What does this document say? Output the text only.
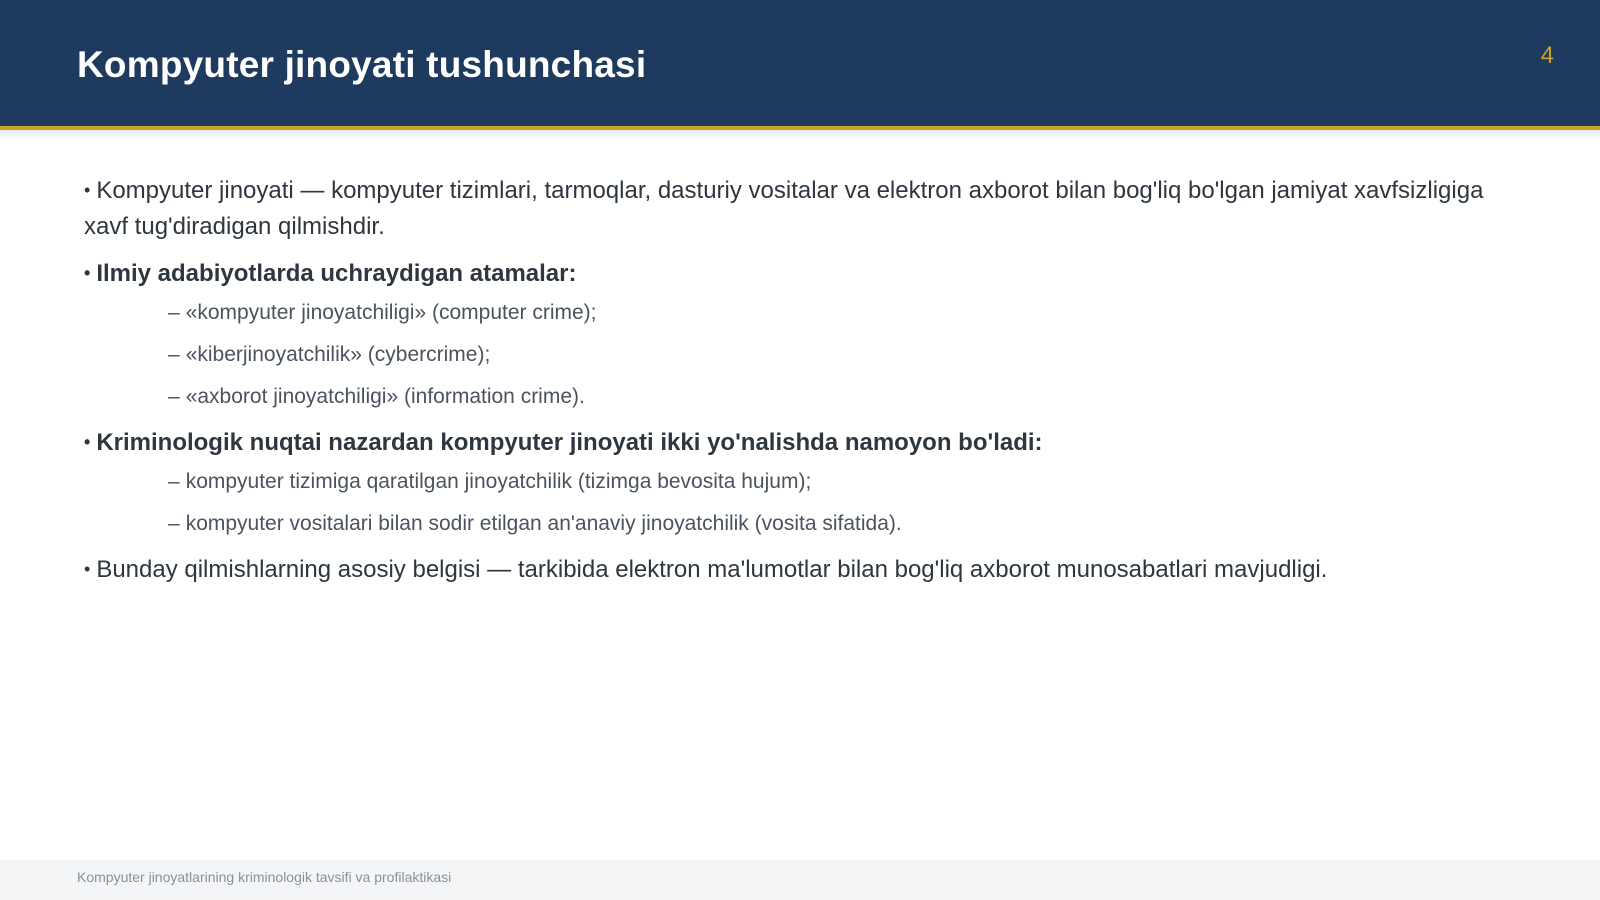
Kompyuter jinoyati tushunchasi	4
• Kompyuter jinoyati — kompyuter tizimlari, tarmoqlar, dasturiy vositalar va elektron axborot bilan bog'liq bo'lgan jamiyat xavfsizligiga xavf tug'diradigan qilmishdir.
• Ilmiy adabiyotlarda uchraydigan atamalar:
– «kompyuter jinoyatchiligi» (computer crime);
– «kiberjinoyatchilik» (cybercrime);
– «axborot jinoyatchiligi» (information crime).
• Kriminologik nuqtai nazardan kompyuter jinoyati ikki yo'nalishda namoyon bo'ladi:
– kompyuter tizimiga qaratilgan jinoyatchilik (tizimga bevosita hujum);
– kompyuter vositalari bilan sodir etilgan an'anaviy jinoyatchilik (vosita sifatida).
• Bunday qilmishlarning asosiy belgisi — tarkibida elektron ma'lumotlar bilan bog'liq axborot munosabatlari mavjudligi.
Kompyuter jinoyatlarining kriminologik tavsifi va profilaktikasi
